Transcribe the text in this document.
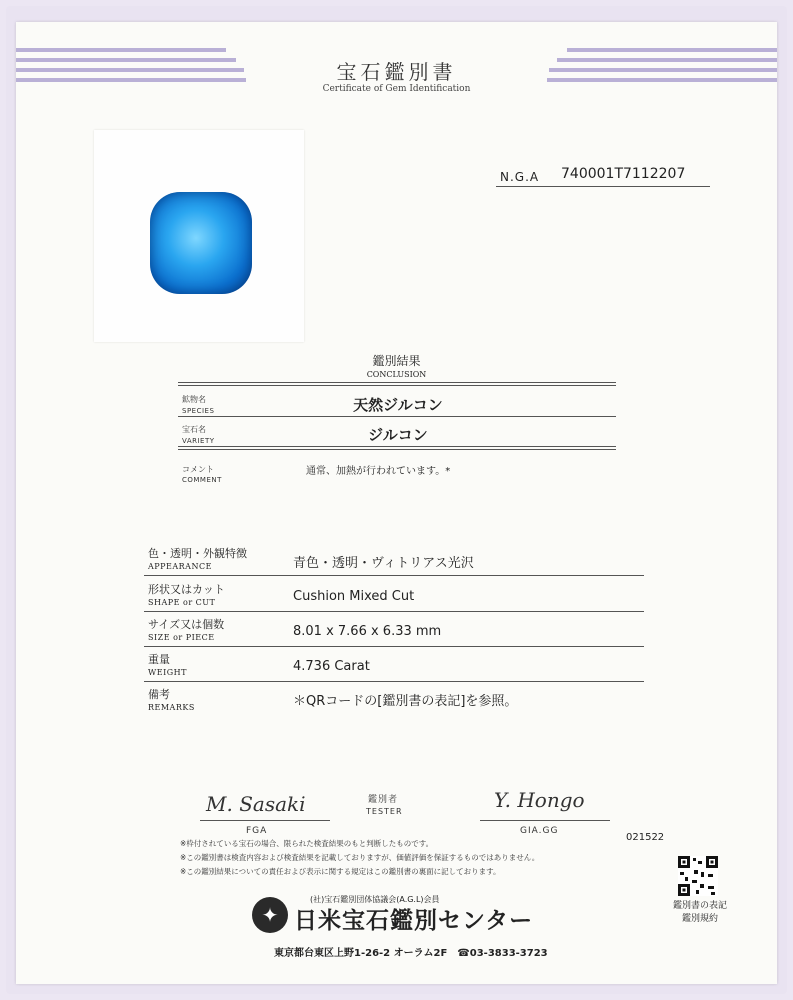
宝石鑑別書
Certificate of Gem Identification
N.G.A 740001T7112207
鑑別結果
CONCLUSION
鉱物名
SPECIES	天然ジルコン
宝石名
VARIETY	ジルコン
コメント
COMMENT
通常、加熱が行われています。*
色・透明・外観特徴
APPEARANCE	青色・透明・ヴィトリアス光沢
形状又はカット
SHAPE or CUT	Cushion Mixed Cut
サイズ又は個数
SIZE or PIECE	8.01 x 7.66 x 6.33 mm
重量
WEIGHT	4.736 Carat
備考
REMARKS	＊QRコードの[鑑別書の表記]を参照。
M. Sasaki
FGA
鑑別者
TESTER	Y. Hongo
GIA.GG
021522
※枠付されている宝石の場合、限られた検査結果のもと判断したものです。
※この鑑別書は検査内容および検査結果を記載しておりますが、価値評価を保証するものではありません。
※この鑑別結果についての責任および表示に関する規定はこの鑑別書の裏面に記しております。
鑑別書の表記
鑑別規約
(社)宝石鑑別団体協議会(A.G.L)会員
✦ 日米宝石鑑別センター
東京都台東区上野1-26-2 オーラム2F　☎03-3833-3723
